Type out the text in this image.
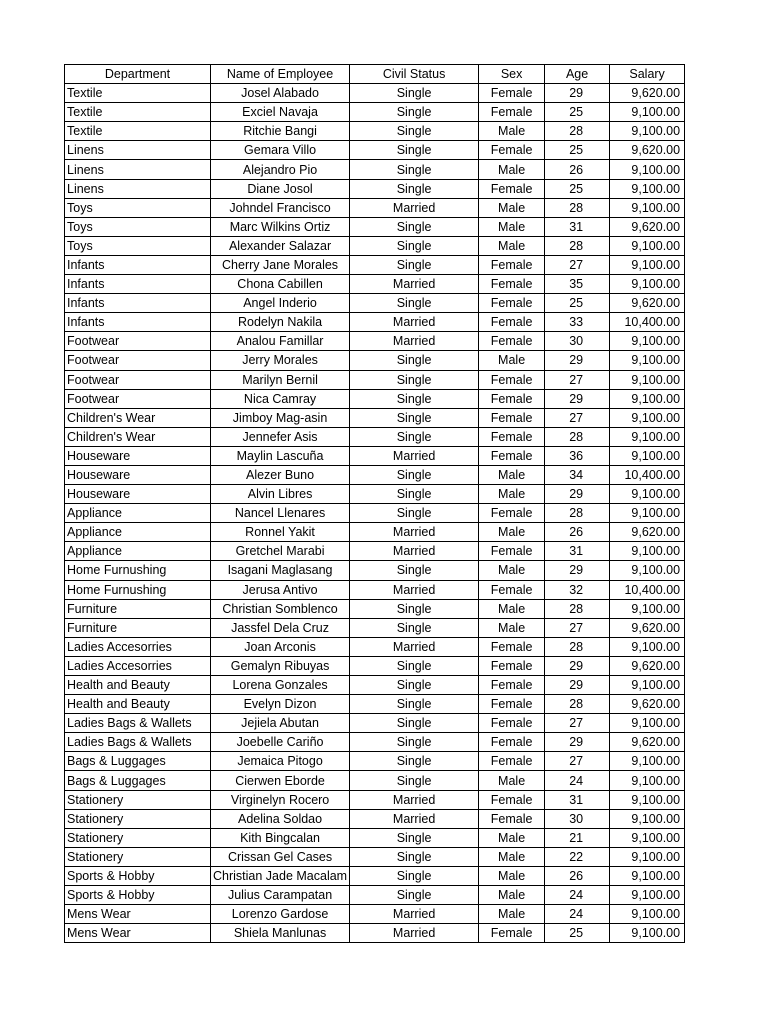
Department	Name of Employee	Civil Status	Sex	Age	Salary
Textile	Josel Alabado	Single	Female	29	9,620.00
Textile	Exciel Navaja	Single	Female	25	9,100.00
Textile	Ritchie Bangi	Single	Male	28	9,100.00
Linens	Gemara Villo	Single	Female	25	9,620.00
Linens	Alejandro Pio	Single	Male	26	9,100.00
Linens	Diane Josol	Single	Female	25	9,100.00
Toys	Johndel Francisco	Married	Male	28	9,100.00
Toys	Marc Wilkins Ortiz	Single	Male	31	9,620.00
Toys	Alexander Salazar	Single	Male	28	9,100.00
Infants	Cherry Jane Morales	Single	Female	27	9,100.00
Infants	Chona Cabillen	Married	Female	35	9,100.00
Infants	Angel Inderio	Single	Female	25	9,620.00
Infants	Rodelyn Nakila	Married	Female	33	10,400.00
Footwear	Analou Famillar	Married	Female	30	9,100.00
Footwear	Jerry Morales	Single	Male	29	9,100.00
Footwear	Marilyn Bernil	Single	Female	27	9,100.00
Footwear	Nica Camray	Single	Female	29	9,100.00
Children's Wear	Jimboy Mag-asin	Single	Female	27	9,100.00
Children's Wear	Jennefer Asis	Single	Female	28	9,100.00
Houseware	Maylin Lascuña	Married	Female	36	9,100.00
Houseware	Alezer Buno	Single	Male	34	10,400.00
Houseware	Alvin Libres	Single	Male	29	9,100.00
Appliance	Nancel Llenares	Single	Female	28	9,100.00
Appliance	Ronnel Yakit	Married	Male	26	9,620.00
Appliance	Gretchel Marabi	Married	Female	31	9,100.00
Home Furnushing	Isagani Maglasang	Single	Male	29	9,100.00
Home Furnushing	Jerusa Antivo	Married	Female	32	10,400.00
Furniture	Christian Somblenco	Single	Male	28	9,100.00
Furniture	Jassfel Dela Cruz	Single	Male	27	9,620.00
Ladies Accesorries	Joan Arconis	Married	Female	28	9,100.00
Ladies Accesorries	Gemalyn Ribuyas	Single	Female	29	9,620.00
Health and Beauty	Lorena Gonzales	Single	Female	29	9,100.00
Health and Beauty	Evelyn Dizon	Single	Female	28	9,620.00
Ladies Bags & Wallets	Jejiela Abutan	Single	Female	27	9,100.00
Ladies Bags & Wallets	Joebelle Cariño	Single	Female	29	9,620.00
Bags & Luggages	Jemaica Pitogo	Single	Female	27	9,100.00
Bags & Luggages	Cierwen Eborde	Single	Male	24	9,100.00
Stationery	Virginelyn Rocero	Married	Female	31	9,100.00
Stationery	Adelina Soldao	Married	Female	30	9,100.00
Stationery	Kith Bingcalan	Single	Male	21	9,100.00
Stationery	Crissan Gel Cases	Single	Male	22	9,100.00
Sports & Hobby	Christian Jade Macalam	Single	Male	26	9,100.00
Sports & Hobby	Julius Carampatan	Single	Male	24	9,100.00
Mens Wear	Lorenzo Gardose	Married	Male	24	9,100.00
Mens Wear	Shiela Manlunas	Married	Female	25	9,100.00
